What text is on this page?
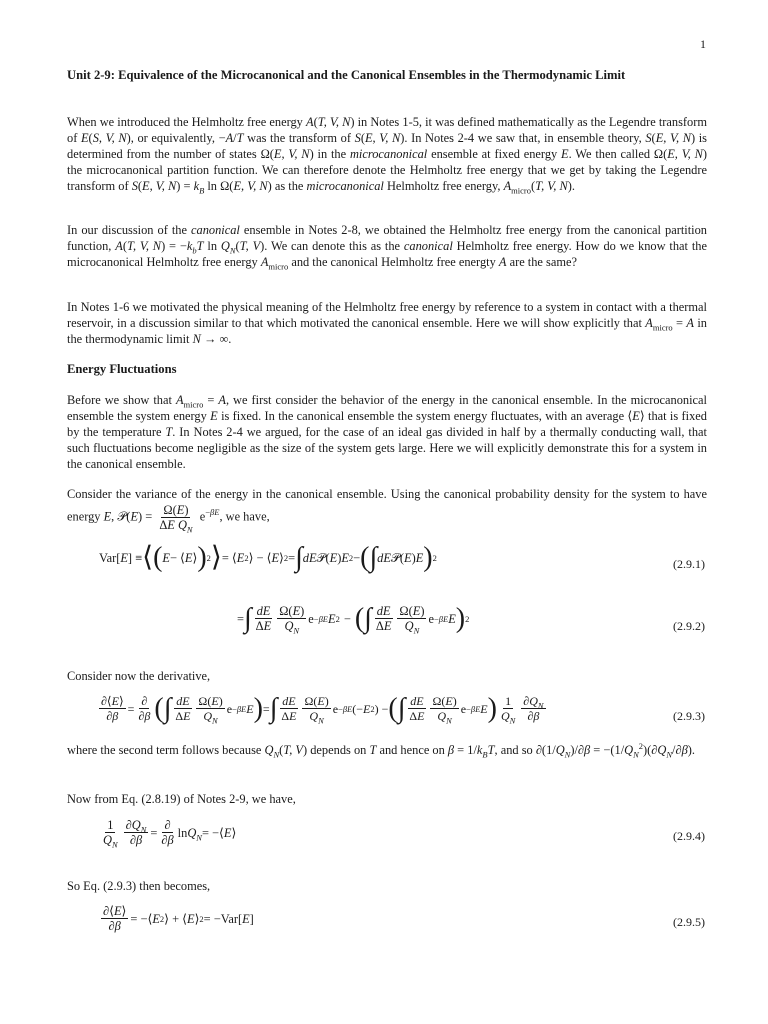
1
Unit 2-9: Equivalence of the Microcanonical and the Canonical Ensembles in the Thermodynamic Limit
When we introduced the Helmholtz free energy A(T, V, N) in Notes 1-5, it was defined mathematically as the Legendre transform of E(S, V, N), or equivalently, −A/T was the transform of S(E, V, N). In Notes 2-4 we saw that, in ensemble theory, S(E, V, N) is determined from the number of states Ω(E, V, N) in the microcanonical ensemble at fixed energy E. We then called Ω(E, V, N) the microcanonical partition function. We can therefore denote the Helmholtz free energy that we get by taking the Legendre transform of S(E, V, $N) = k_B$ ln Ω(E, V, N) as the microcanonical Helmholtz free energy, $A_{micro}(T$, V, N).
In our discussion of the canonical ensemble in Notes 2-8, we obtained the Helmholtz free energy from the canonical partition function, A(T, V, $N) = -k_bT$ $\ln Q_N(T$, V). We can denote this as the canonical Helmholtz free energy. How do we know that the microcanonical Helmholtz free energy $A_{micro}$ and the canonical Helmholtz free energty A are the same?
In Notes 1-6 we motivated the physical meaning of the Helmholtz free energy by reference to a system in contact with a thermal reservoir, in a discussion similar to that which motivated the canonical ensemble. Here we will show explicitly that $A_{micro} = A$ in the thermodynamic limit N → ∞.
Energy Fluctuations
Before we show that $A_{micro} = A$, we first consider the behavior of the energy in the canonical ensemble. In the microcanonical ensemble the system energy E is fixed. In the canonical ensemble the system energy fluctuates, with an average ⟨E⟩ that is fixed by the temperature T. In Notes 2-4 we argued, for the case of an ideal gas divided in half by a thermally conducting wall, that such fluctuations become negligible as the size of the system gets large. Here we will explicitly demonstrate this for a system in the canonical ensemble.
Consider the variance of the energy in the canonical ensemble. Using the canonical probability density for the system to have energy E, 𝒫(E) = $\frac{\Omega(E)}{\Delta E Q_N} e^{-\beta E}$, we have,
Var[ E ] ≡ ⟨ ( E − ⟨ E ⟩ ) 2 ⟩ = ⟨ E 2 ⟩ − ⟨ E ⟩ 2 = ∫ dE 𝒫( E ) E 2 − ( ∫ dE 𝒫( E ) E ) 2	(2.9.1)
= ∫ $\frac{dE}{\Delta E} \frac{\Omega(E)}{Q_N}$ e −βE E 2 − ( ∫ $\frac{dE}{\Delta E} \frac{\Omega(E)}{Q_N}$ e −βE E ) 2
(2.9.2)
Consider now the derivative,
$\frac{\partial⟨E⟩}{\partial\beta} = \frac{\partial}{\partial\beta}$ ( ∫ $\frac{dE}{\Delta E} \frac{\Omega(E)}{Q_N}$ e −βE E ) = ∫ $\frac{dE}{\Delta E} \frac{\Omega(E)}{Q_N}$ e −βE (− E 2 ) − ( ∫ $\frac{dE}{\Delta E} \frac{\Omega(E)}{Q_N}$ e −βE E ) $\frac{1}{Q_N} \frac{\partial Q_N}{\partial\beta}$	(2.9.3)
where the second term follows because $Q_N(T$, V) depends on T and hence on $\beta = 1/k_BT$, and so $\partial(1/Q_N)/\partial\beta = -(1/Q_N^2)(\partial Q_N/\partial\beta)$.
Now from Eq. (2.8.19) of Notes 2-9, we have,
$\frac{1}{Q_N} \frac{\partial Q_N}{\partial\beta} = \frac{\partial}{\partial\beta}$ $\ln Q_N$ = −⟨ E ⟩	(2.9.4)
So Eq. (2.9.3) then becomes,
$\frac{\partial⟨E⟩}{\partial\beta}$ = −⟨ E 2 ⟩ + ⟨ E ⟩ 2 = −Var[ E ]	(2.9.5)
